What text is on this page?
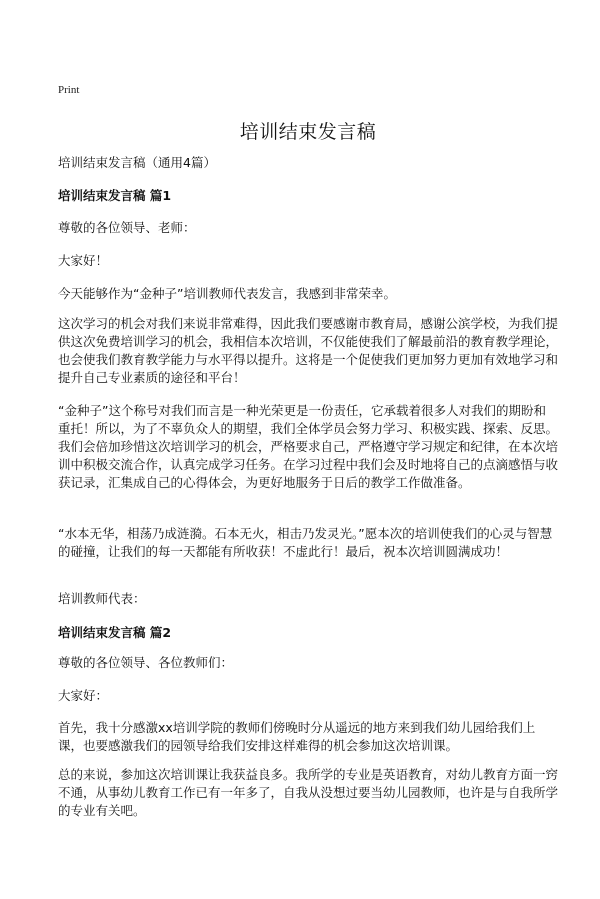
Print
培训结束发言稿
培训结束发言稿（通用4篇）
培训结束发言稿 篇1
尊敬的各位领导、老师：
大家好！
今天能够作为“金种子”培训教师代表发言，我感到非常荣幸。
这次学习的机会对我们来说非常难得，因此我们要感谢市教育局，感谢公滨学校，为我们提供这次免费培训学习的机会，我相信本次培训，不仅能使我们了解最前沿的教育教学理论，也会使我们教育教学能力与水平得以提升。这将是一个促使我们更加努力更加有效地学习和提升自己专业素质的途径和平台！
“金种子”这个称号对我们而言是一种光荣更是一份责任，它承载着很多人对我们的期盼和重托！所以，为了不辜负众人的期望，我们全体学员会努力学习、积极实践、探索、反思。我们会倍加珍惜这次培训学习的机会，严格要求自己，严格遵守学习规定和纪律，在本次培训中积极交流合作，认真完成学习任务。在学习过程中我们会及时地将自己的点滴感悟与收获记录，汇集成自己的心得体会，为更好地服务于日后的教学工作做准备。
“水本无华，相荡乃成涟漪。石本无火，相击乃发灵光。”愿本次的培训使我们的心灵与智慧的碰撞，让我们的每一天都能有所收获！不虚此行！最后，祝本次培训圆满成功！
培训教师代表：
培训结束发言稿 篇2
尊敬的各位领导、各位教师们：
大家好：
首先，我十分感激xx培训学院的教师们傍晚时分从遥远的地方来到我们幼儿园给我们上课，也要感激我们的园领导给我们安排这样难得的机会参加这次培训课。
总的来说，参加这次培训课让我获益良多。我所学的专业是英语教育，对幼儿教育方面一窍不通，从事幼儿教育工作已有一年多了，自我从没想过要当幼儿园教师，也许是与自我所学的专业有关吧。
